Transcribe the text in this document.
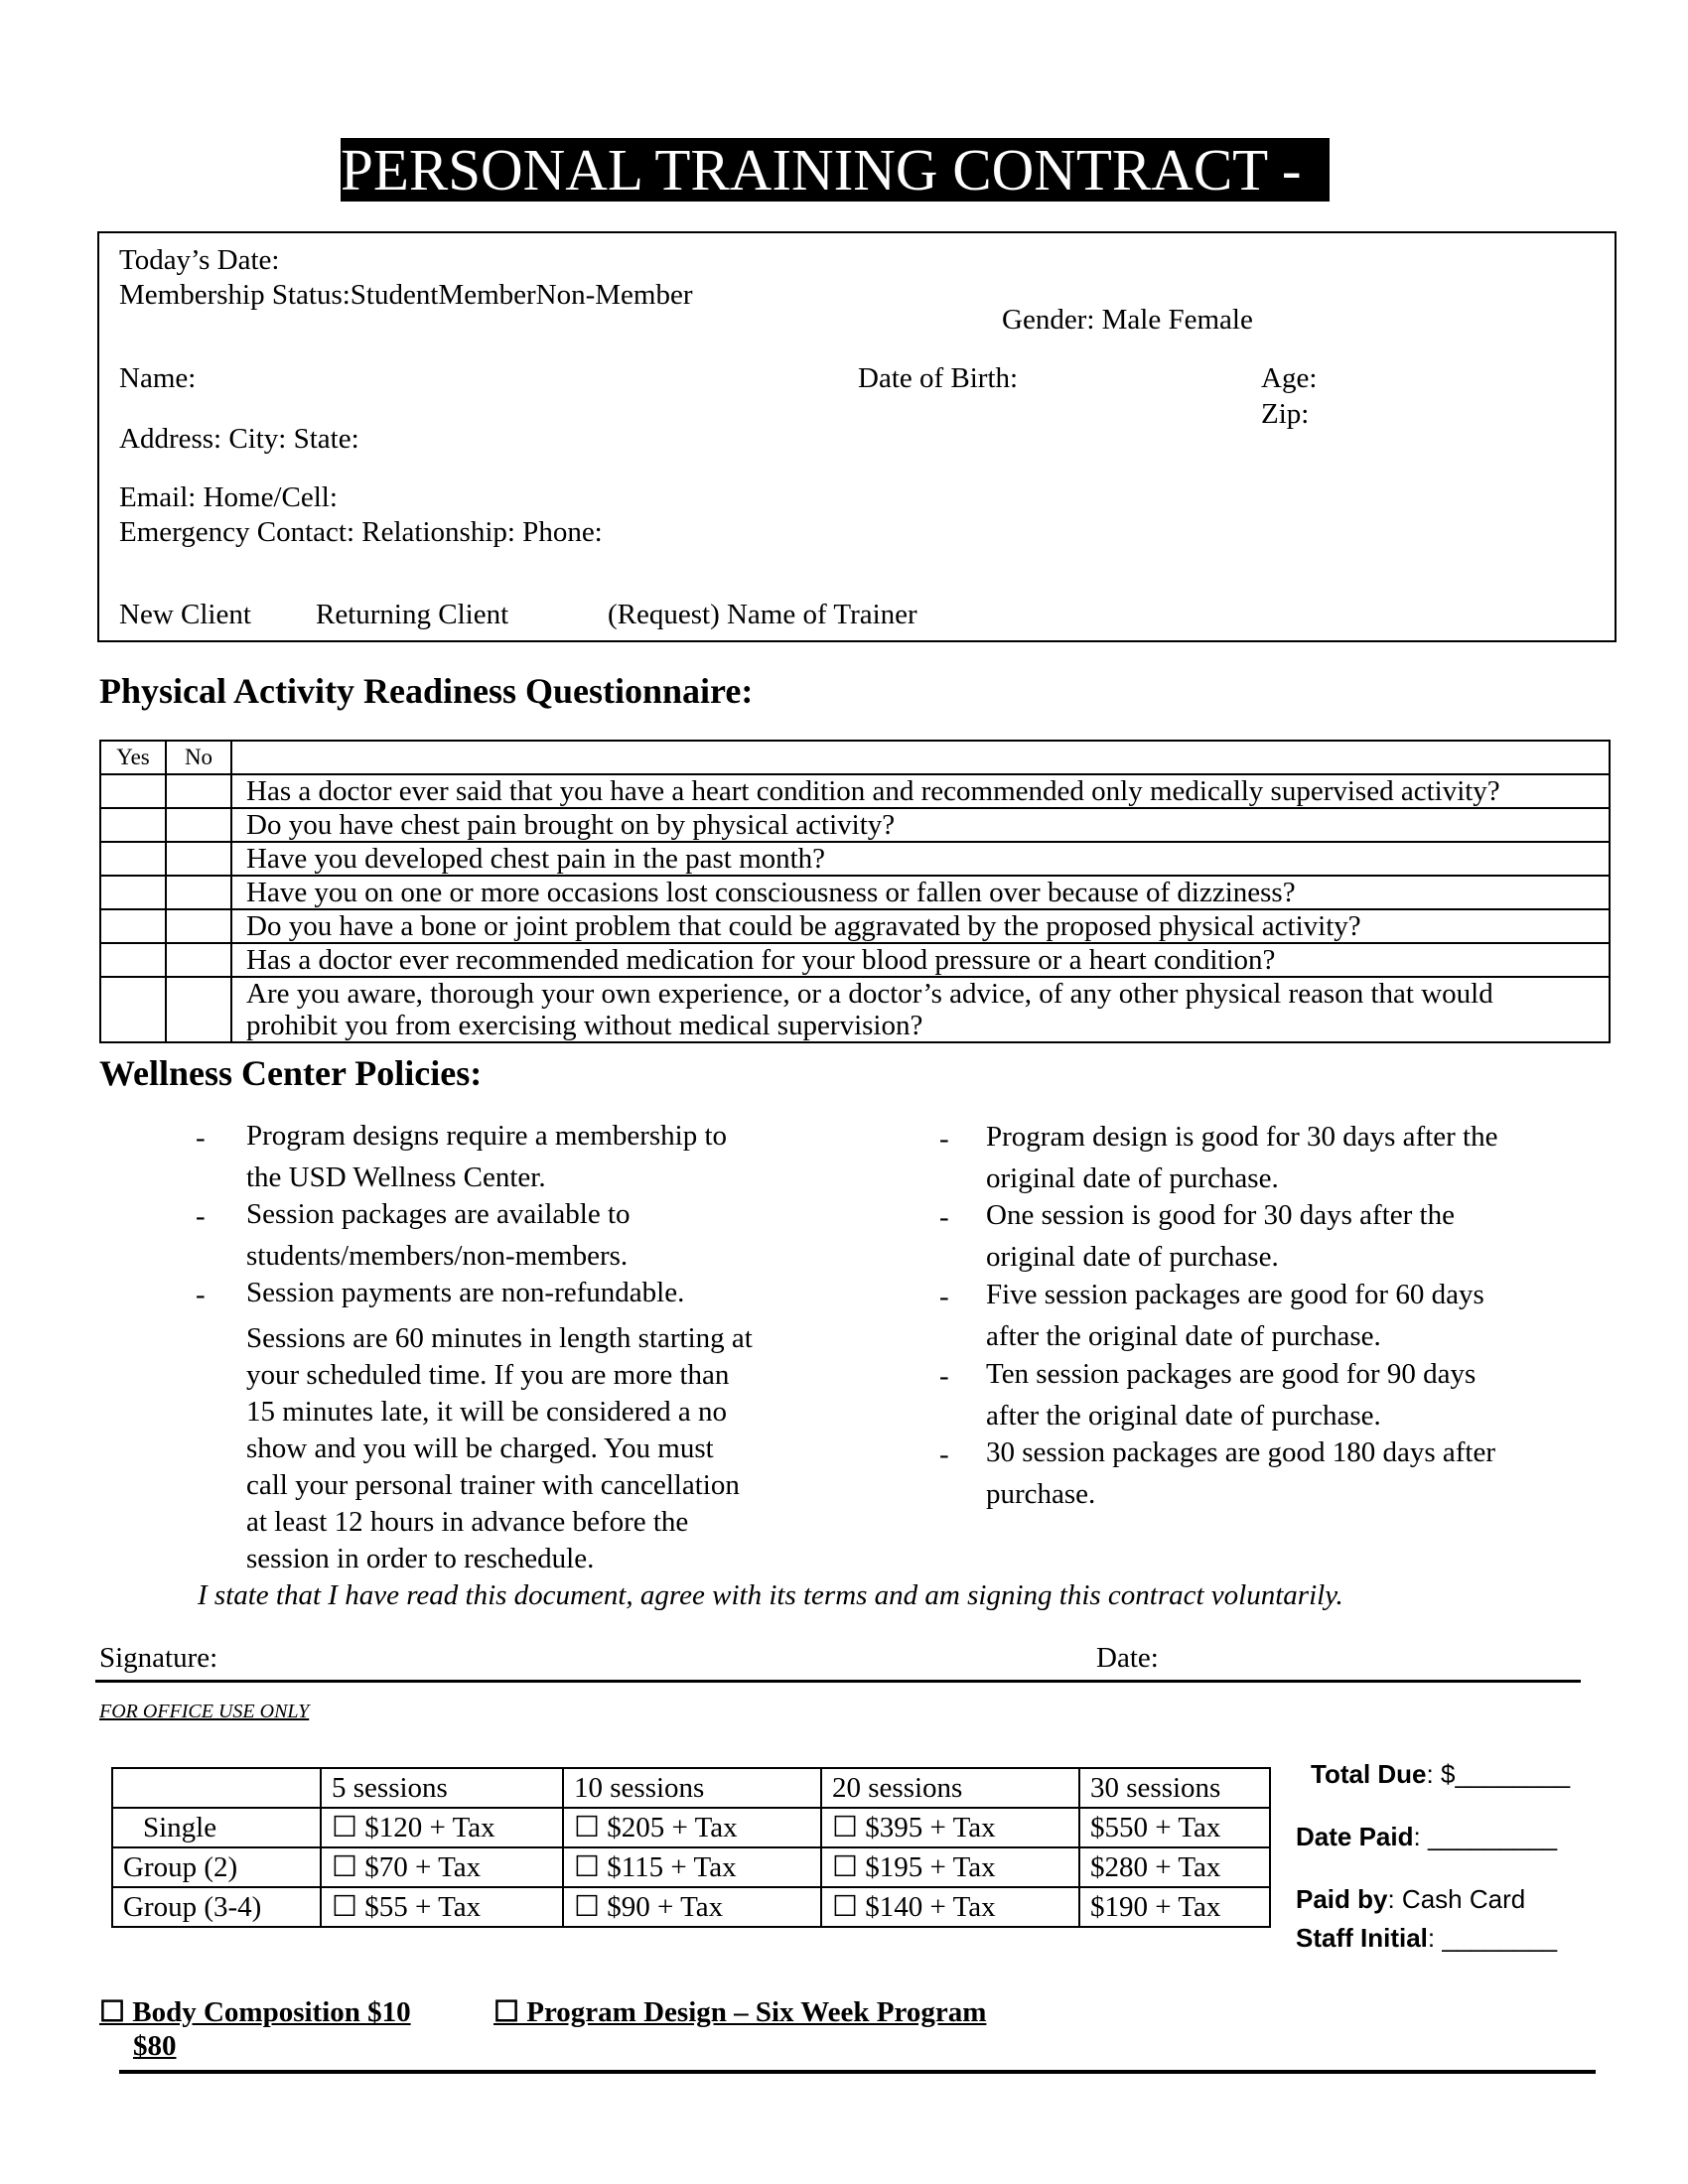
PERSONAL TRAINING CONTRACT -
Today’s Date:
Membership Status:StudentMemberNon-Member
Gender: Male Female
Name:	Date of Birth:	Age:
Zip:
Address: City: State:
Email: Home/Cell:
Emergency Contact: Relationship: Phone:
New Client Returning Client	(Request) Name of Trainer
Physical Activity Readiness Questionnaire:
Yes	No	
		Has a doctor ever said that you have a heart condition and recommended only medically supervised activity?
		Do you have chest pain brought on by physical activity?
		Have you developed chest pain in the past month?
		Have you on one or more occasions lost consciousness or fallen over because of dizziness?
		Do you have a bone or joint problem that could be aggravated by the proposed physical activity?
		Has a doctor ever recommended medication for your blood pressure or a heart condition?

		Are you aware, thorough your own experience, or a doctor’s advice, of any other physical reason that would
prohibit you from exercising without medical supervision?
Wellness Center Policies:
- Program designs require a membership to
the USD Wellness Center.
- Session packages are available to
students/members/non-members.
- Session payments are non-refundable.
Sessions are 60 minutes in length starting at
your scheduled time. If you are more than
15 minutes late, it will be considered a no
show and you will be charged. You must
call your personal trainer with cancellation
at least 12 hours in advance before the
session in order to reschedule.
- Program design is good for 30 days after the
original date of purchase.
- One session is good for 30 days after the
original date of purchase.
- Five session packages are good for 60 days
after the original date of purchase.
- Ten session packages are good for 90 days
after the original date of purchase.
- 30 session packages are good 180 days after
purchase.
I state that I have read this document, agree with its terms and am signing this contract voluntarily.
Signature:	Date:
FOR OFFICE USE ONLY
	5 sessions	10 sessions	20 sessions	30 sessions
Single	☐ $120 + Tax	☐ $205 + Tax	☐ $395 + Tax	$550 + Tax
Group (2)	☐ $70 + Tax	☐ $115 + Tax	☐ $195 + Tax	$280 + Tax
Group (3-4)	☐ $55 + Tax	☐ $90 + Tax	☐ $140 + Tax	$190 + Tax
Total Due: $________
Date Paid: _________
Paid by: Cash Card
Staff Initial: ________
☐ Body Composition $10
$80
☐ Program Design – Six Week Program
